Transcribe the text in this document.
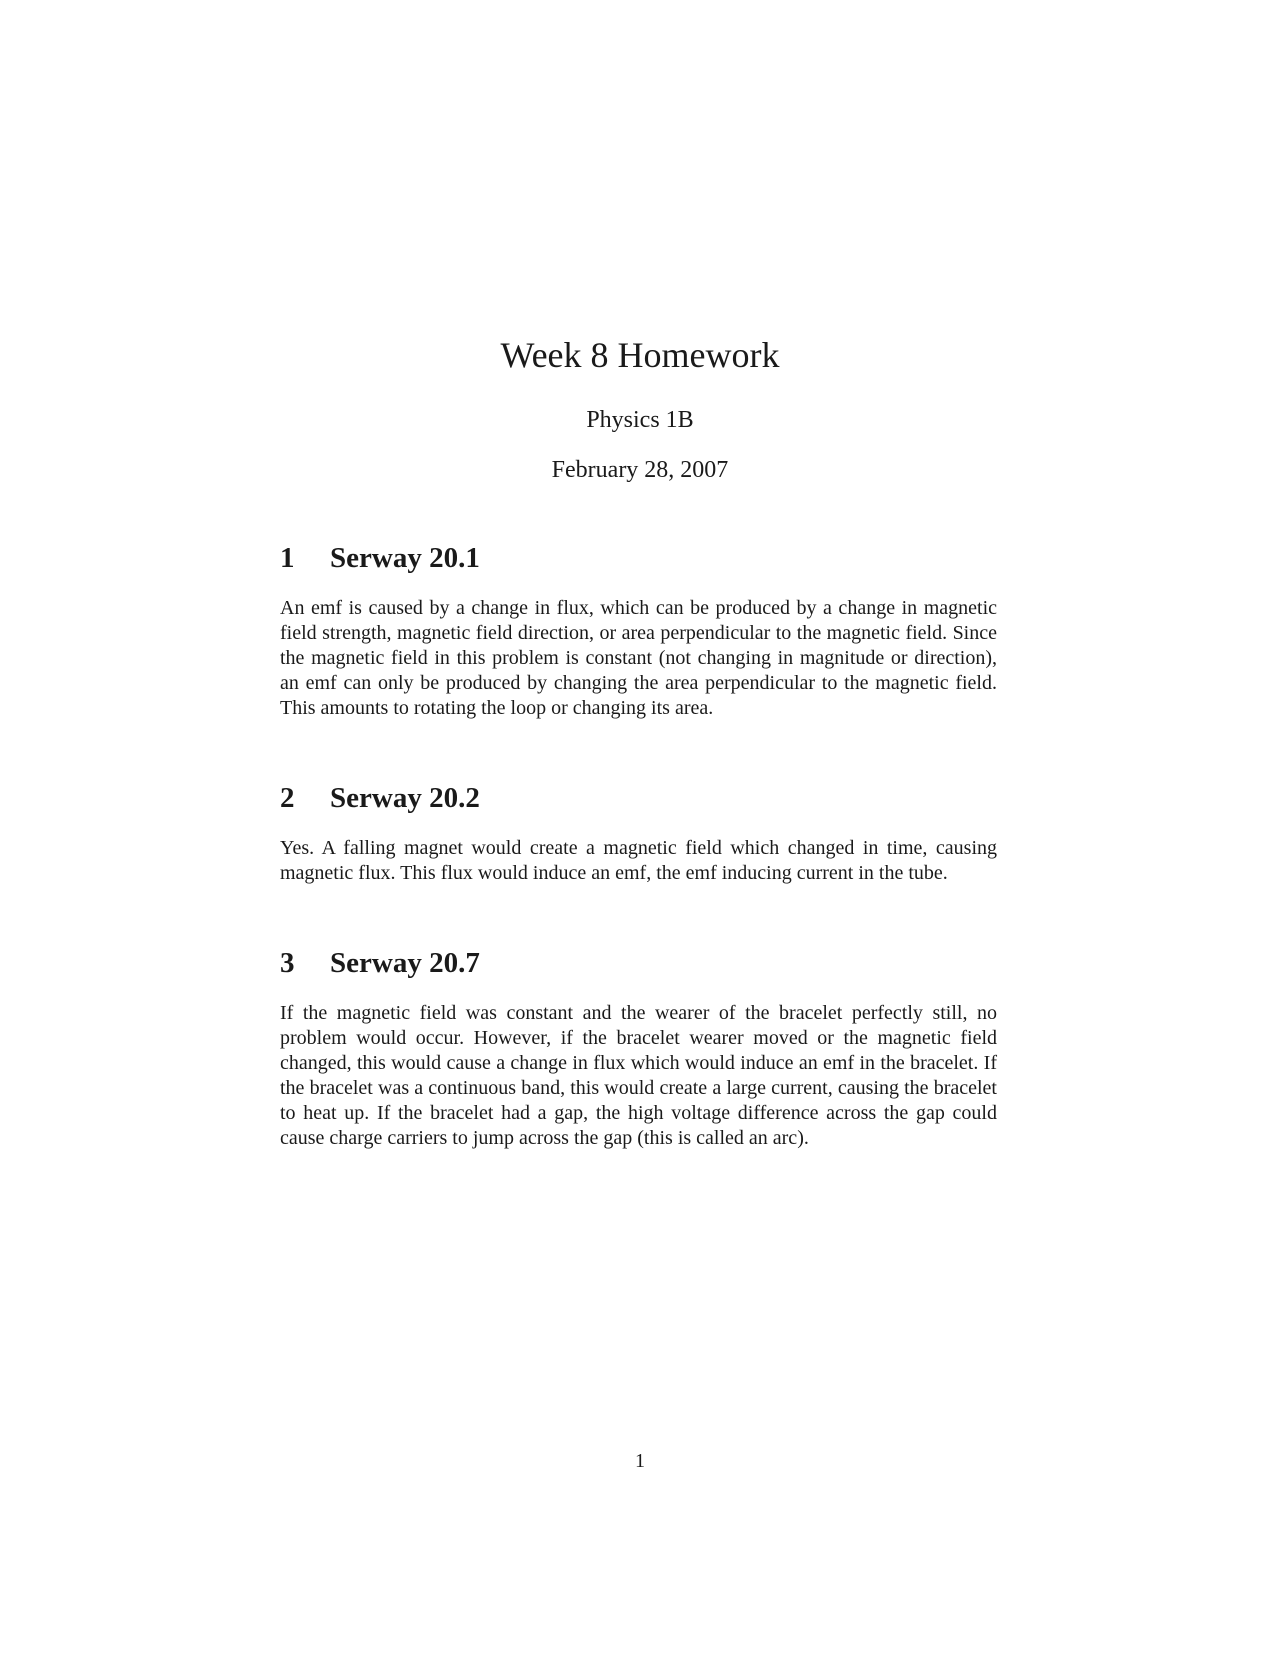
Week 8 Homework

Physics 1B

February 28, 2007

1	Serway 20.1

An emf is caused by a change in flux, which can be produced by a change in magnetic field strength, magnetic field direction, or area perpendicular to the magnetic field. Since the magnetic field in this problem is constant (not changing in magnitude or direction), an emf can only be produced by changing the area perpendicular to the magnetic field. This amounts to rotating the loop or changing its area.

2	Serway 20.2

Yes. A falling magnet would create a magnetic field which changed in time, causing magnetic flux. This flux would induce an emf, the emf inducing current in the tube.

3	Serway 20.7

If the magnetic field was constant and the wearer of the bracelet perfectly still, no problem would occur. However, if the bracelet wearer moved or the magnetic field changed, this would cause a change in flux which would induce an emf in the bracelet. If the bracelet was a continuous band, this would create a large current, causing the bracelet to heat up. If the bracelet had a gap, the high voltage difference across the gap could cause charge carriers to jump across the gap (this is called an arc).

1
